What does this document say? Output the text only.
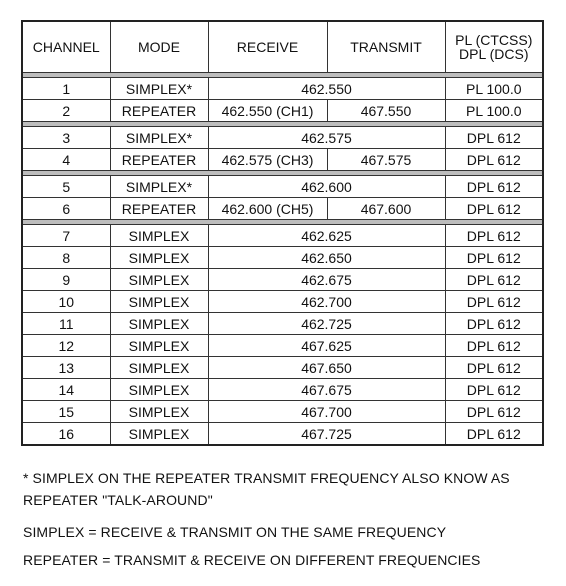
CHANNEL	MODE	RECEIVE	TRANSMIT	PL (CTCSS)
DPL (DCS)

1	SIMPLEX*	462.550		PL 100.0
2	REPEATER	462.550 (CH1)	467.550	PL 100.0

3	SIMPLEX*	462.575		DPL 612
4	REPEATER	462.575 (CH3)	467.575	DPL 612

5	SIMPLEX*	462.600		DPL 612
6	REPEATER	462.600 (CH5)	467.600	DPL 612

7	SIMPLEX	462.625		DPL 612
8	SIMPLEX	462.650		DPL 612
9	SIMPLEX	462.675		DPL 612
10	SIMPLEX	462.700		DPL 612
11	SIMPLEX	462.725		DPL 612
12	SIMPLEX	467.625		DPL 612
13	SIMPLEX	467.650		DPL 612
14	SIMPLEX	467.675		DPL 612
15	SIMPLEX	467.700		DPL 612
16	SIMPLEX	467.725		DPL 612
* SIMPLEX ON THE REPEATER TRANSMIT FREQUENCY ALSO KNOW AS REPEATER "TALK-AROUND"
SIMPLEX = RECEIVE & TRANSMIT ON THE SAME FREQUENCY
REPEATER = TRANSMIT & RECEIVE ON DIFFERENT FREQUENCIES
